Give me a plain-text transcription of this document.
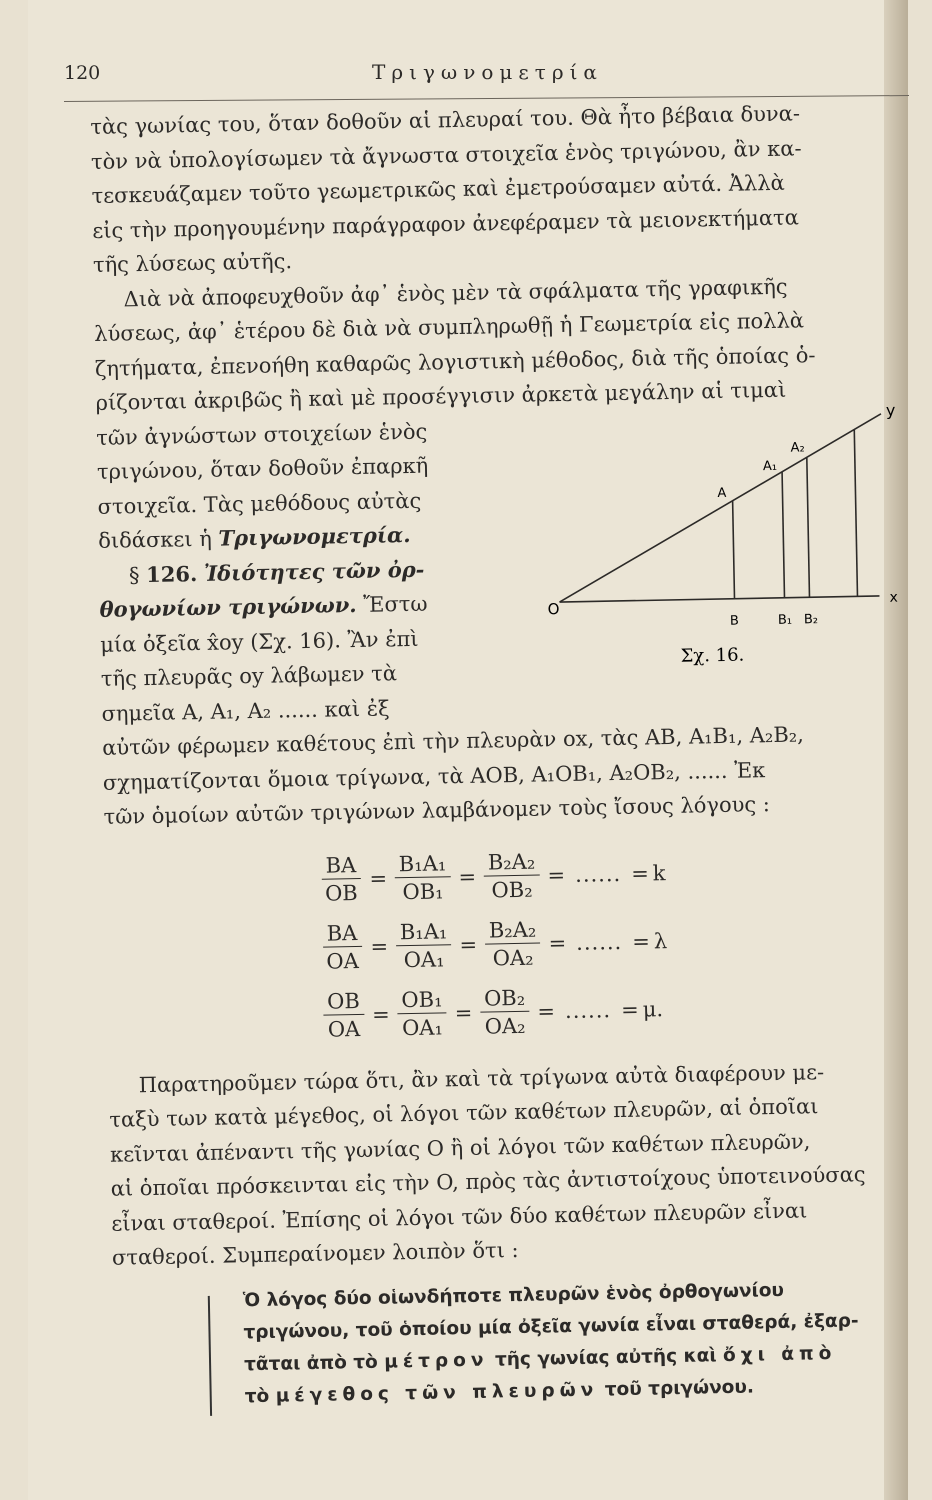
120	Τριγωνομετρία
τὰς γωνίας του, ὅταν δοθοῦν αἱ πλευραί του. Θὰ ἦτο βέβαια δυνα-
τὸν νὰ ὑπολογίσωμεν τὰ ἄγνωστα στοιχεῖα ἑνὸς τριγώνου, ἂν κα-
τεσκευάζαμεν τοῦτο γεωμετρικῶς καὶ ἐμετρούσαμεν αὐτά. Ἀλλὰ
εἰς τὴν προηγουμένην παράγραφον ἀνεφέραμεν τὰ μειονεκτήματα
τῆς λύσεως αὐτῆς.
Διὰ νὰ ἀποφευχθοῦν ἀφ᾽ ἑνὸς μὲν τὰ σφάλματα τῆς γραφικῆς
λύσεως, ἀφ᾽ ἑτέρου δὲ διὰ νὰ συμπληρωθῇ ἡ Γεωμετρία εἰς πολλὰ
ζητήματα, ἐπενοήθη καθαρῶς λογιστικὴ μέθοδος, διὰ τῆς ὁποίας ὁ-
ρίζονται ἀκριβῶς ἢ καὶ μὲ προσέγγισιν ἀρκετὰ μεγάλην αἱ τιμαὶ
τῶν ἀγνώστων στοιχείων ἑνὸς
τριγώνου, ὅταν δοθοῦν ἐπαρκῆ
στοιχεῖα. Τὰς μεθόδους αὐτὰς
διδάσκει ἡ Τριγωνομετρία.
§ 126. Ἰδιότητες τῶν ὀρ-
θογωνίων τριγώνων. Ἔστω
μία ὀξεῖα x̂oy (Σχ. 16). Ἂν ἐπὶ
τῆς πλευρᾶς oy λάβωμεν τὰ
σημεῖα A, A₁, A₂ ...... καὶ ἐξ
O
x
y
A
A₁
A₂
B	B₁ B₂
Σχ. 16.
αὐτῶν φέρωμεν καθέτους ἐπὶ τὴν πλευρὰν ox, τὰς AB, A₁B₁, A₂B₂,
σχηματίζονται ὅμοια τρίγωνα, τὰ AOB, A₁OB₁, A₂OB₂, ...... Ἐκ
τῶν ὁμοίων αὐτῶν τριγώνων λαμβάνομεν τοὺς ἴσους λόγους :
$\frac{BA}{OB} = \frac{\text{B₁A₁}}{\text{OB₁}} = \frac{\text{B₂A₂}}{\text{OB₂}}$ = ...... = k
$\frac{BA}{OA} = \frac{\text{B₁A₁}}{\text{OA₁}} = \frac{\text{B₂A₂}}{\text{OA₂}}$ = ...... = λ
$\frac{OB}{OA} = \frac{\text{OB₁}}{\text{OA₁}} = \frac{\text{OB₂}}{\text{OA₂}}$ = ...... = μ.
Παρατηροῦμεν τώρα ὅτι, ἂν καὶ τὰ τρίγωνα αὐτὰ διαφέρουν με-
ταξὺ των κατὰ μέγεθος, οἱ λόγοι τῶν καθέτων πλευρῶν, αἱ ὁποῖαι
κεῖνται ἀπέναντι τῆς γωνίας O ἢ οἱ λόγοι τῶν καθέτων πλευρῶν,
αἱ ὁποῖαι πρόσκεινται εἰς τὴν O, πρὸς τὰς ἀντιστοίχους ὑποτεινούσας
εἶναι σταθεροί. Ἐπίσης οἱ λόγοι τῶν δύο καθέτων πλευρῶν εἶναι
σταθεροί. Συμπεραίνομεν λοιπὸν ὅτι :
Ὁ λόγος δύο οἱωνδήποτε πλευρῶν ἑνὸς ὀρθογωνίου
τριγώνου, τοῦ ὁποίου μία ὀξεῖα γωνία εἶναι σταθερά, ἐξαρ-
τᾶται ἀπὸ τὸ μέτρον τῆς γωνίας αὐτῆς καὶ ὄχι ἀπὸ
τὸ μέγεθος τῶν πλευρῶν τοῦ τριγώνου.
